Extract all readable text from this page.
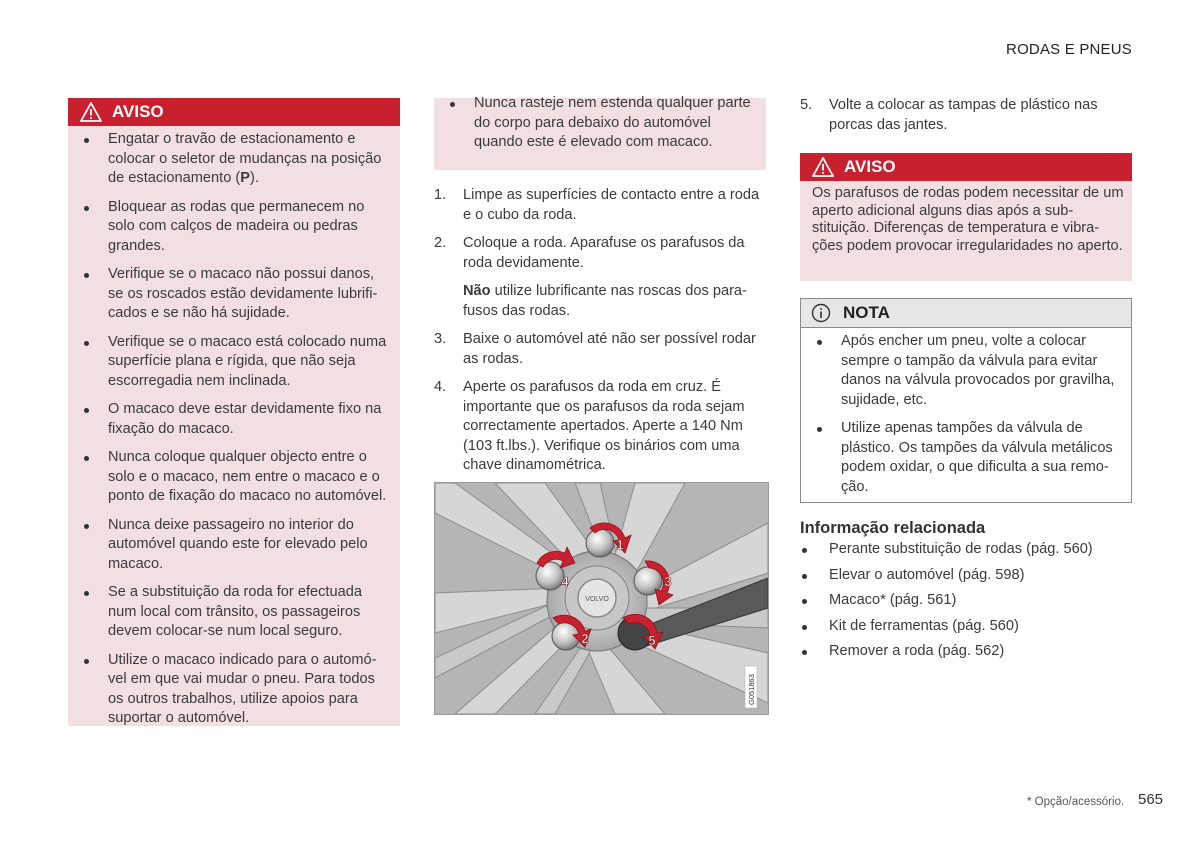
RODAS E PNEUS
AVISO
Engatar o travão de estacionamento e colocar o seletor de mudanças na posição de estacionamento (P).
Bloquear as rodas que permanecem no solo com calços de madeira ou pedras grandes.
Verifique se o macaco não possui danos, se os roscados estão devidamente lubrificados e se não há sujidade.
Verifique se o macaco está colocado numa superfície plana e rígida, que não seja escorregadia nem inclinada.
O macaco deve estar devidamente fixo na fixação do macaco.
Nunca coloque qualquer objecto entre o solo e o macaco, nem entre o macaco e o ponto de fixação do macaco no automóvel.
Nunca deixe passageiro no interior do automóvel quando este for elevado pelo macaco.
Se a substituição da roda for efectuada num local com trânsito, os passageiros devem colocar-se num local seguro.
Utilize o macaco indicado para o automóvel em que vai mudar o pneu. Para todos os outros trabalhos, utilize apoios para suportar o automóvel.
Nunca rasteje nem estenda qualquer parte do corpo para debaixo do automóvel quando este é elevado com macaco.
1. Limpe as superfícies de contacto entre a roda e o cubo da roda.
2. Coloque a roda. Aparafuse os parafusos da roda devidamente.

Não utilize lubrificante nas roscas dos parafusos das rodas.

3. Baixe o automóvel até não ser possível rodar as rodas.
4. Aperte os parafusos da roda em cruz. É importante que os parafusos da roda sejam correctamente apertados. Aperte a 140 Nm (103 ft.lbs.). Verifique os binários com uma chave dinamométrica.
VOLVO
1
2
3
4
5
G051863
5. Volte a colocar as tampas de plástico nas porcas das jantes.
AVISO
Os parafusos de rodas podem necessitar de um aperto adicional alguns dias após a substituição. Diferenças de temperatura e vibrações podem provocar irregularidades no aperto.
NOTA
Após encher um pneu, volte a colocar sempre o tampão da válvula para evitar danos na válvula provocados por gravilha, sujidade, etc.
Utilize apenas tampões da válvula de plástico. Os tampões da válvula metálicos podem oxidar, o que dificulta a sua remoção.
Informação relacionada
Perante substituição de rodas (pág. 560)
Elevar o automóvel (pág. 598)
Macaco* (pág. 561)
Kit de ferramentas (pág. 560)
Remover a roda (pág. 562)
* Opção/acessório. 565
